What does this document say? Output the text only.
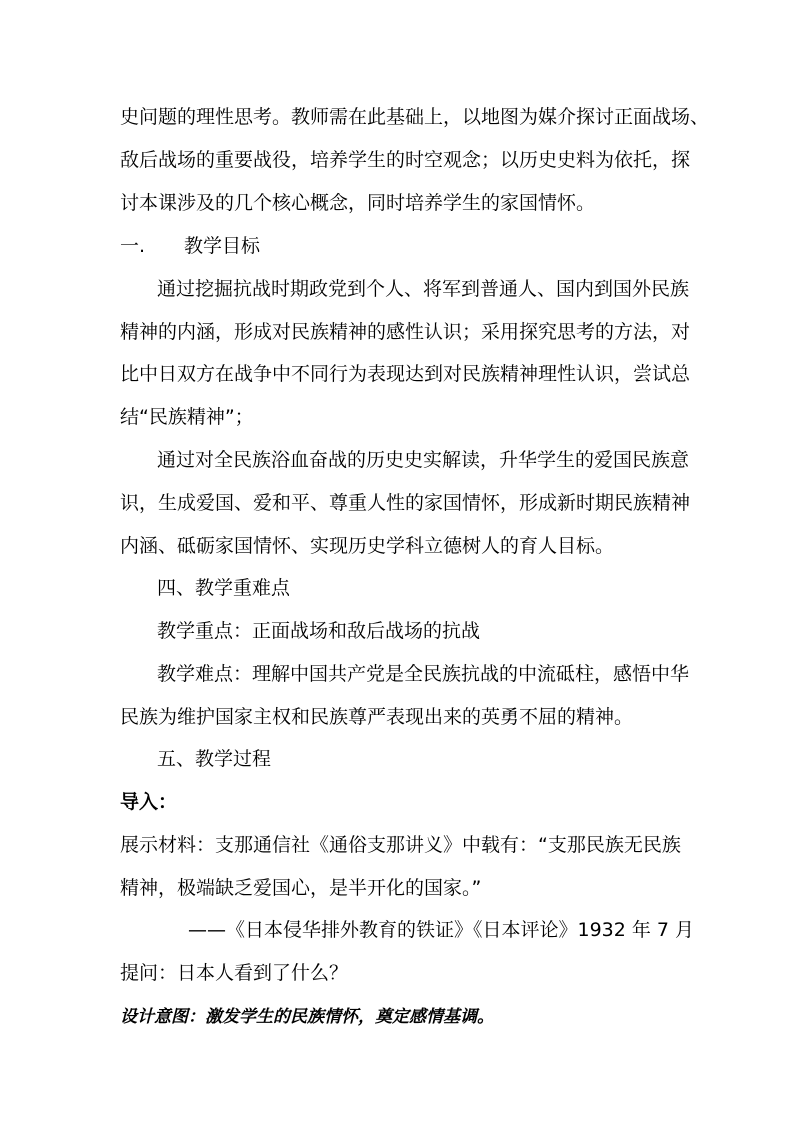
史问题的理性思考。教师需在此基础上，以地图为媒介探讨正面战场、
敌后战场的重要战役，培养学生的时空观念；以历史史料为依托，探
讨本课涉及的几个核心概念，同时培养学生的家国情怀。
一. 教学目标
通过挖掘抗战时期政党到个人、将军到普通人、国内到国外民族
精神的内涵，形成对民族精神的感性认识；采用探究思考的方法，对
比中日双方在战争中不同行为表现达到对民族精神理性认识，尝试总
结“民族精神”；
通过对全民族浴血奋战的历史史实解读，升华学生的爱国民族意
识，生成爱国、爱和平、尊重人性的家国情怀，形成新时期民族精神
内涵、砥砺家国情怀、实现历史学科立德树人的育人目标。
四、教学重难点
教学重点：正面战场和敌后战场的抗战
教学难点：理解中国共产党是全民族抗战的中流砥柱，感悟中华
民族为维护国家主权和民族尊严表现出来的英勇不屈的精神。
五、教学过程
导入：
展示材料：支那通信社《通俗支那讲义》中载有：“支那民族无民族
精神，极端缺乏爱国心，是半开化的国家。”
——《日本侵华排外教育的铁证》《日本评论》1932 年 7 月
提问：日本人看到了什么？
设计意图：激发学生的民族情怀，奠定感情基调。
